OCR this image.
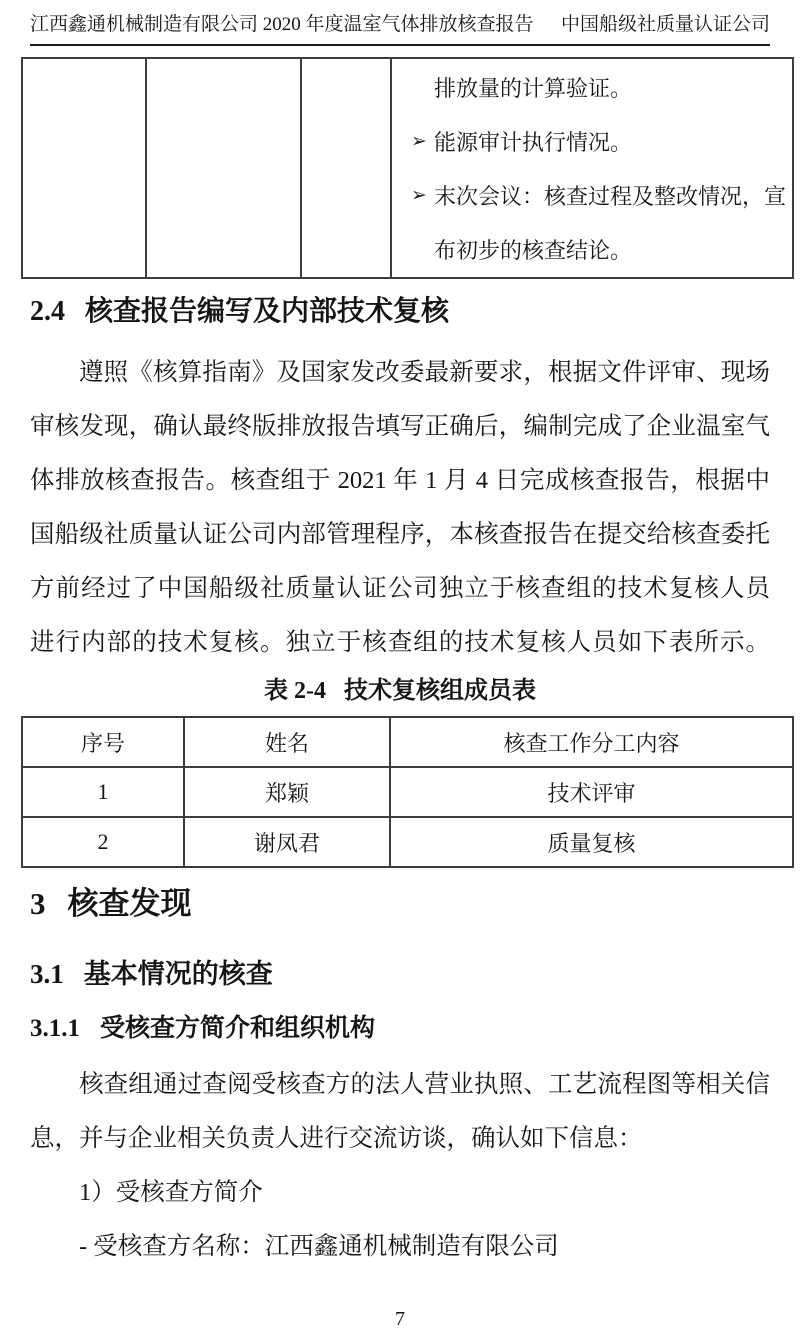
江西鑫通机械制造有限公司 2020 年度温室气体排放核查报告 中国船级社质量认证公司

排放量的计算验证。
➢ 能源审计执行情况。
➢ 末次会议：核查过程及整改情况，宣
布初步的核查结论。
2.4 核查报告编写及内部技术复核
遵照《核算指南》及国家发改委最新要求，根据文件评审、现场
审核发现，确认最终版排放报告填写正确后，编制完成了企业温室气
体排放核查报告。核查组于 2021 年 1 月 4 日完成核查报告，根据中
国船级社质量认证公司内部管理程序，本核查报告在提交给核查委托
方前经过了中国船级社质量认证公司独立于核查组的技术复核人员
进行内部的技术复核。独立于核查组的技术复核人员如下表所示。
表 2-4 技术复核组成员表
序号	姓名	核查工作分工内容
1	郑颖	技术评审
2	谢凤君	质量复核
3 核查发现
3.1 基本情况的核查
3.1.1 受核查方简介和组织机构
核查组通过查阅受核查方的法人营业执照、工艺流程图等相关信
息，并与企业相关负责人进行交流访谈，确认如下信息：
1）受核查方简介
- 受核查方名称：江西鑫通机械制造有限公司
7
